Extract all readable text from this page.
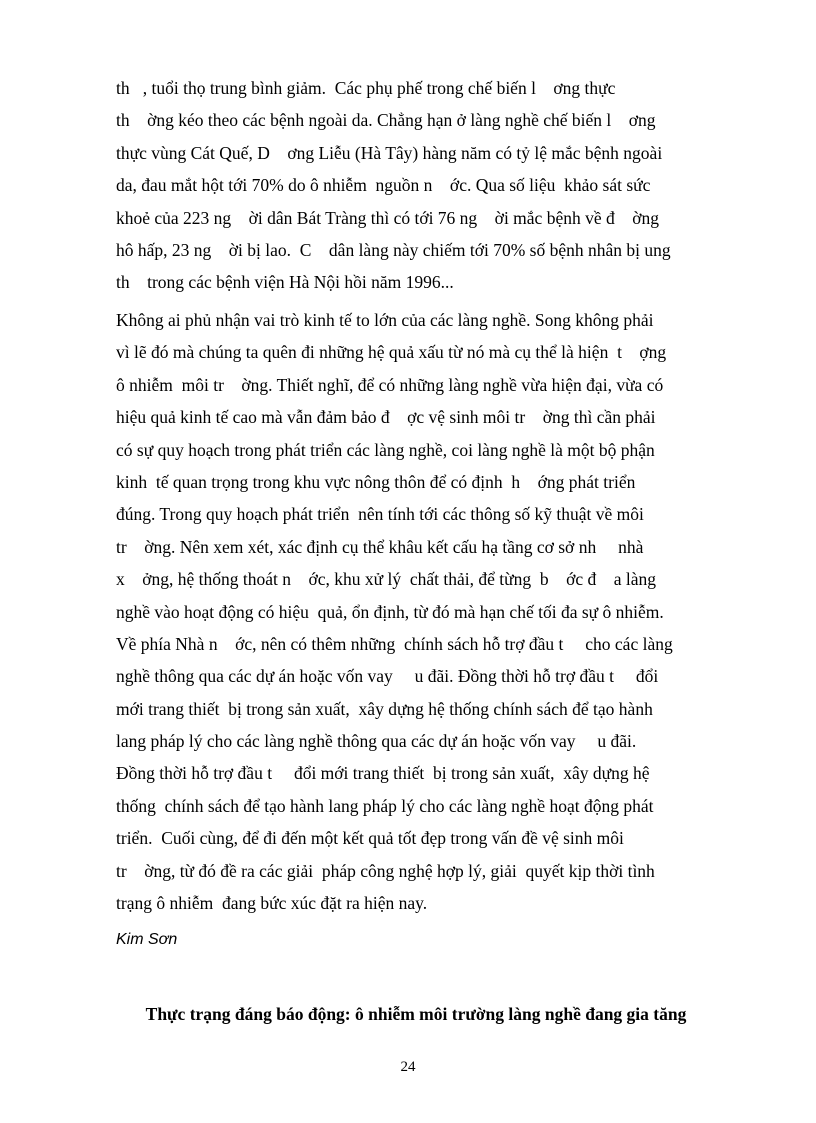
th   , tuổi thọ trung bình giảm.  Các phụ phế trong chế biến l    ơng thực
th    ờng kéo theo các bệnh ngoài da. Chẳng hạn ở làng nghề chế biến l    ơng
thực vùng Cát Quế, D    ơng Liễu (Hà Tây) hàng năm có tỷ lệ mắc bệnh ngoài
da, đau mắt hột tới 70% do ô nhiễm  nguồn n    ớc. Qua số liệu  khảo sát sức
khoẻ của 223 ng    ời dân Bát Tràng thì có tới 76 ng    ời mắc bệnh về đ    ờng
hô hấp, 23 ng    ời bị lao.  C    dân làng này chiếm tới 70% số bệnh nhân bị ung
th    trong các bệnh viện Hà Nội hồi năm 1996...
Không ai phủ nhận vai trò kinh tế to lớn của các làng nghề. Song không phải
vì lẽ đó mà chúng ta quên đi những hệ quả xấu từ nó mà cụ thể là hiện  t    ợng
ô nhiễm  môi tr    ờng. Thiết nghĩ, để có những làng nghề vừa hiện đại, vừa có
hiệu quả kinh tế cao mà vẫn đảm bảo đ    ợc vệ sinh môi tr    ờng thì cần phải
có sự quy hoạch trong phát triển các làng nghề, coi làng nghề là một bộ phận
kinh  tế quan trọng trong khu vực nông thôn để có định  h    ớng phát triển
đúng. Trong quy hoạch phát triển  nên tính tới các thông số kỹ thuật về môi
tr    ờng. Nên xem xét, xác định cụ thể khâu kết cấu hạ tầng cơ sở nh     nhà
x    ởng, hệ thống thoát n    ớc, khu xử lý  chất thải, để từng  b    ớc đ    a làng
nghề vào hoạt động có hiệu  quả, ổn định, từ đó mà hạn chế tối đa sự ô nhiễm.
Về phía Nhà n    ớc, nên có thêm những  chính sách hỗ trợ đầu t     cho các làng
nghề thông qua các dự án hoặc vốn vay     u đãi. Đồng thời hỗ trợ đầu t     đổi
mới trang thiết  bị trong sản xuất,  xây dựng hệ thống chính sách để tạo hành
lang pháp lý cho các làng nghề thông qua các dự án hoặc vốn vay     u đãi.
Đồng thời hỗ trợ đầu t     đổi mới trang thiết  bị trong sản xuất,  xây dựng hệ
thống  chính sách để tạo hành lang pháp lý cho các làng nghề hoạt động phát
triển.  Cuối cùng, để đi đến một kết quả tốt đẹp trong vấn đề vệ sinh môi
tr    ờng, từ đó đề ra các giải  pháp công nghệ hợp lý, giải  quyết kịp thời tình
trạng ô nhiễm  đang bức xúc đặt ra hiện nay.
Kim Sơn
Thực trạng đáng báo động: ô nhiễm môi trường làng nghề đang gia tăng
24
